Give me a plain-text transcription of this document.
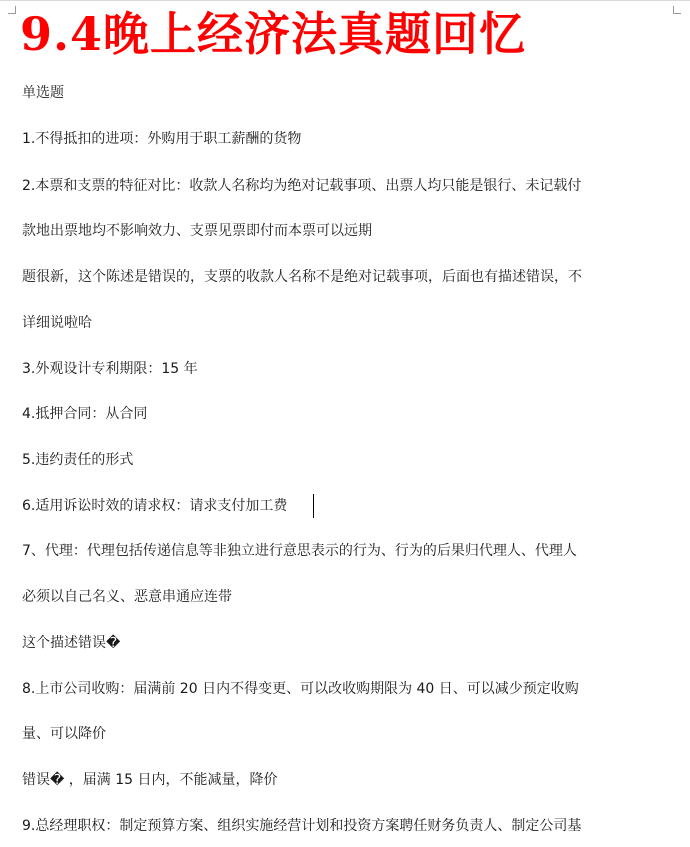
9.4晚上经济法真题回忆

单选题

1.不得抵扣的进项：外购用于职工薪酬的货物

2.本票和支票的特征对比：收款人名称均为绝对记载事项、出票人均只能是银行、未记载付

款地出票地均不影响效力、支票见票即付而本票可以远期

题很新，这个陈述是错误的，支票的收款人名称不是绝对记载事项，后面也有描述错误，不

详细说啦哈

3.外观设计专利期限：15 年

4.抵押合同：从合同

5.违约责任的形式

6.适用诉讼时效的请求权：请求支付加工费

7、代理：代理包括传递信息等非独立进行意思表示的行为、行为的后果归代理人、代理人

必须以自己名义、恶意串通应连带

这个描述错误�

8.上市公司收购：届满前 20 日内不得变更、可以改收购期限为 40 日、可以减少预定收购

量、可以降价

错误� ，届满 15 日内，不能减量，降价

9.总经理职权：制定预算方案、组织实施经营计划和投资方案聘任财务负责人、制定公司基
